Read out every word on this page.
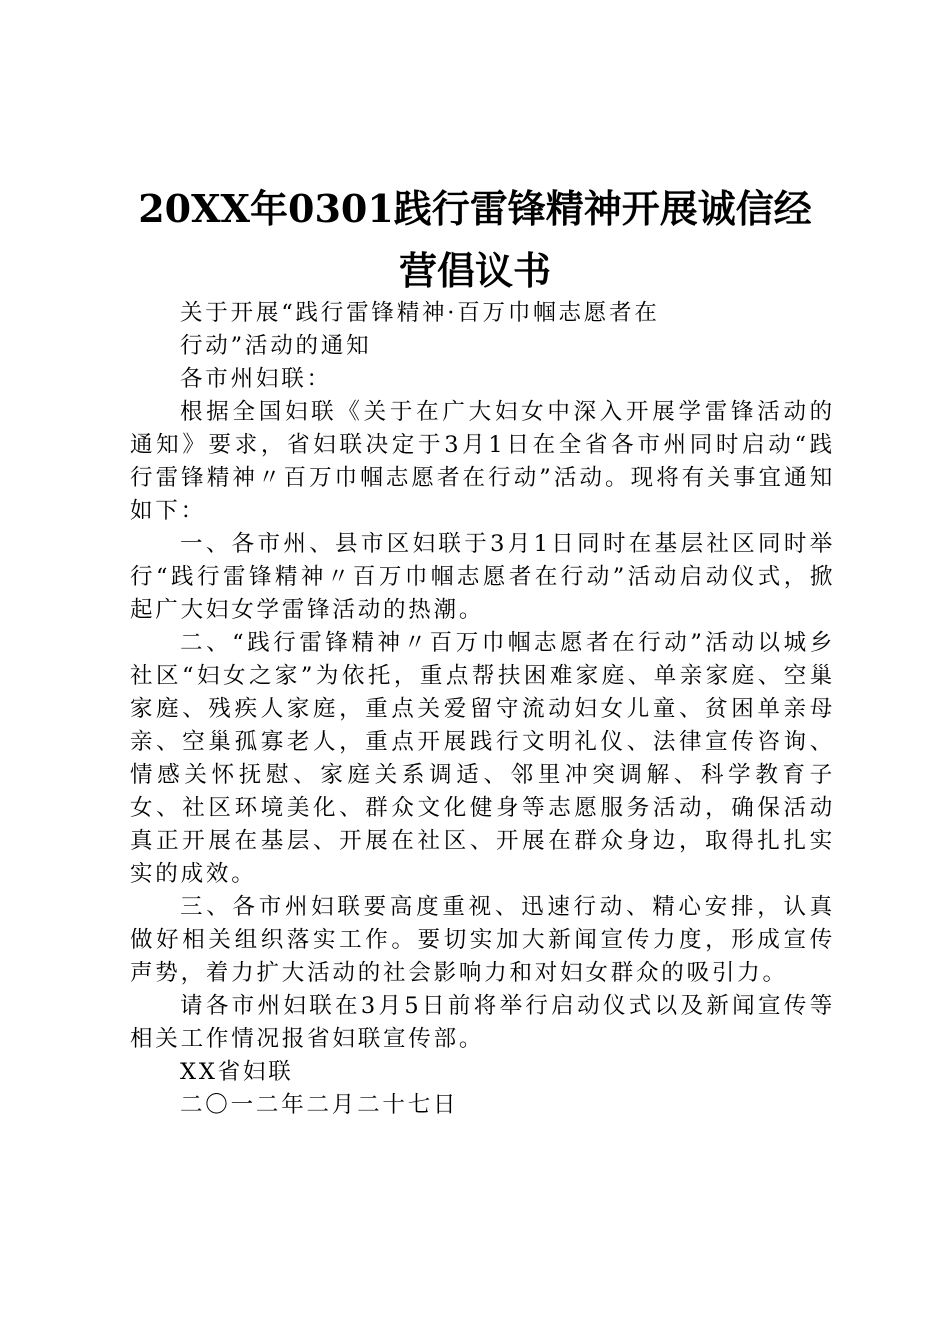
20XX年0301践行雷锋精神开展诚信经营倡议书

关于开展“践行雷锋精神·百万巾帼志愿者在

行动”活动的通知

各市州妇联：

根据全国妇联《关于在广大妇女中深入开展学雷锋活动的通知》要求，省妇联决定于3月1日在全省各市州同时启动“践行雷锋精神〃百万巾帼志愿者在行动”活动。现将有关事宜通知如下：

一、各市州、县市区妇联于3月1日同时在基层社区同时举行“践行雷锋精神〃百万巾帼志愿者在行动”活动启动仪式，掀起广大妇女学雷锋活动的热潮。

二、“践行雷锋精神〃百万巾帼志愿者在行动”活动以城乡社区“妇女之家”为依托，重点帮扶困难家庭、单亲家庭、空巢家庭、残疾人家庭，重点关爱留守流动妇女儿童、贫困单亲母亲、空巢孤寡老人，重点开展践行文明礼仪、法律宣传咨询、情感关怀抚慰、家庭关系调适、邻里冲突调解、科学教育子女、社区环境美化、群众文化健身等志愿服务活动，确保活动真正开展在基层、开展在社区、开展在群众身边，取得扎扎实实的成效。

三、各市州妇联要高度重视、迅速行动、精心安排，认真做好相关组织落实工作。要切实加大新闻宣传力度，形成宣传声势，着力扩大活动的社会影响力和对妇女群众的吸引力。

请各市州妇联在3月5日前将举行启动仪式以及新闻宣传等相关工作情况报省妇联宣传部。

XX省妇联

二〇一二年二月二十七日
